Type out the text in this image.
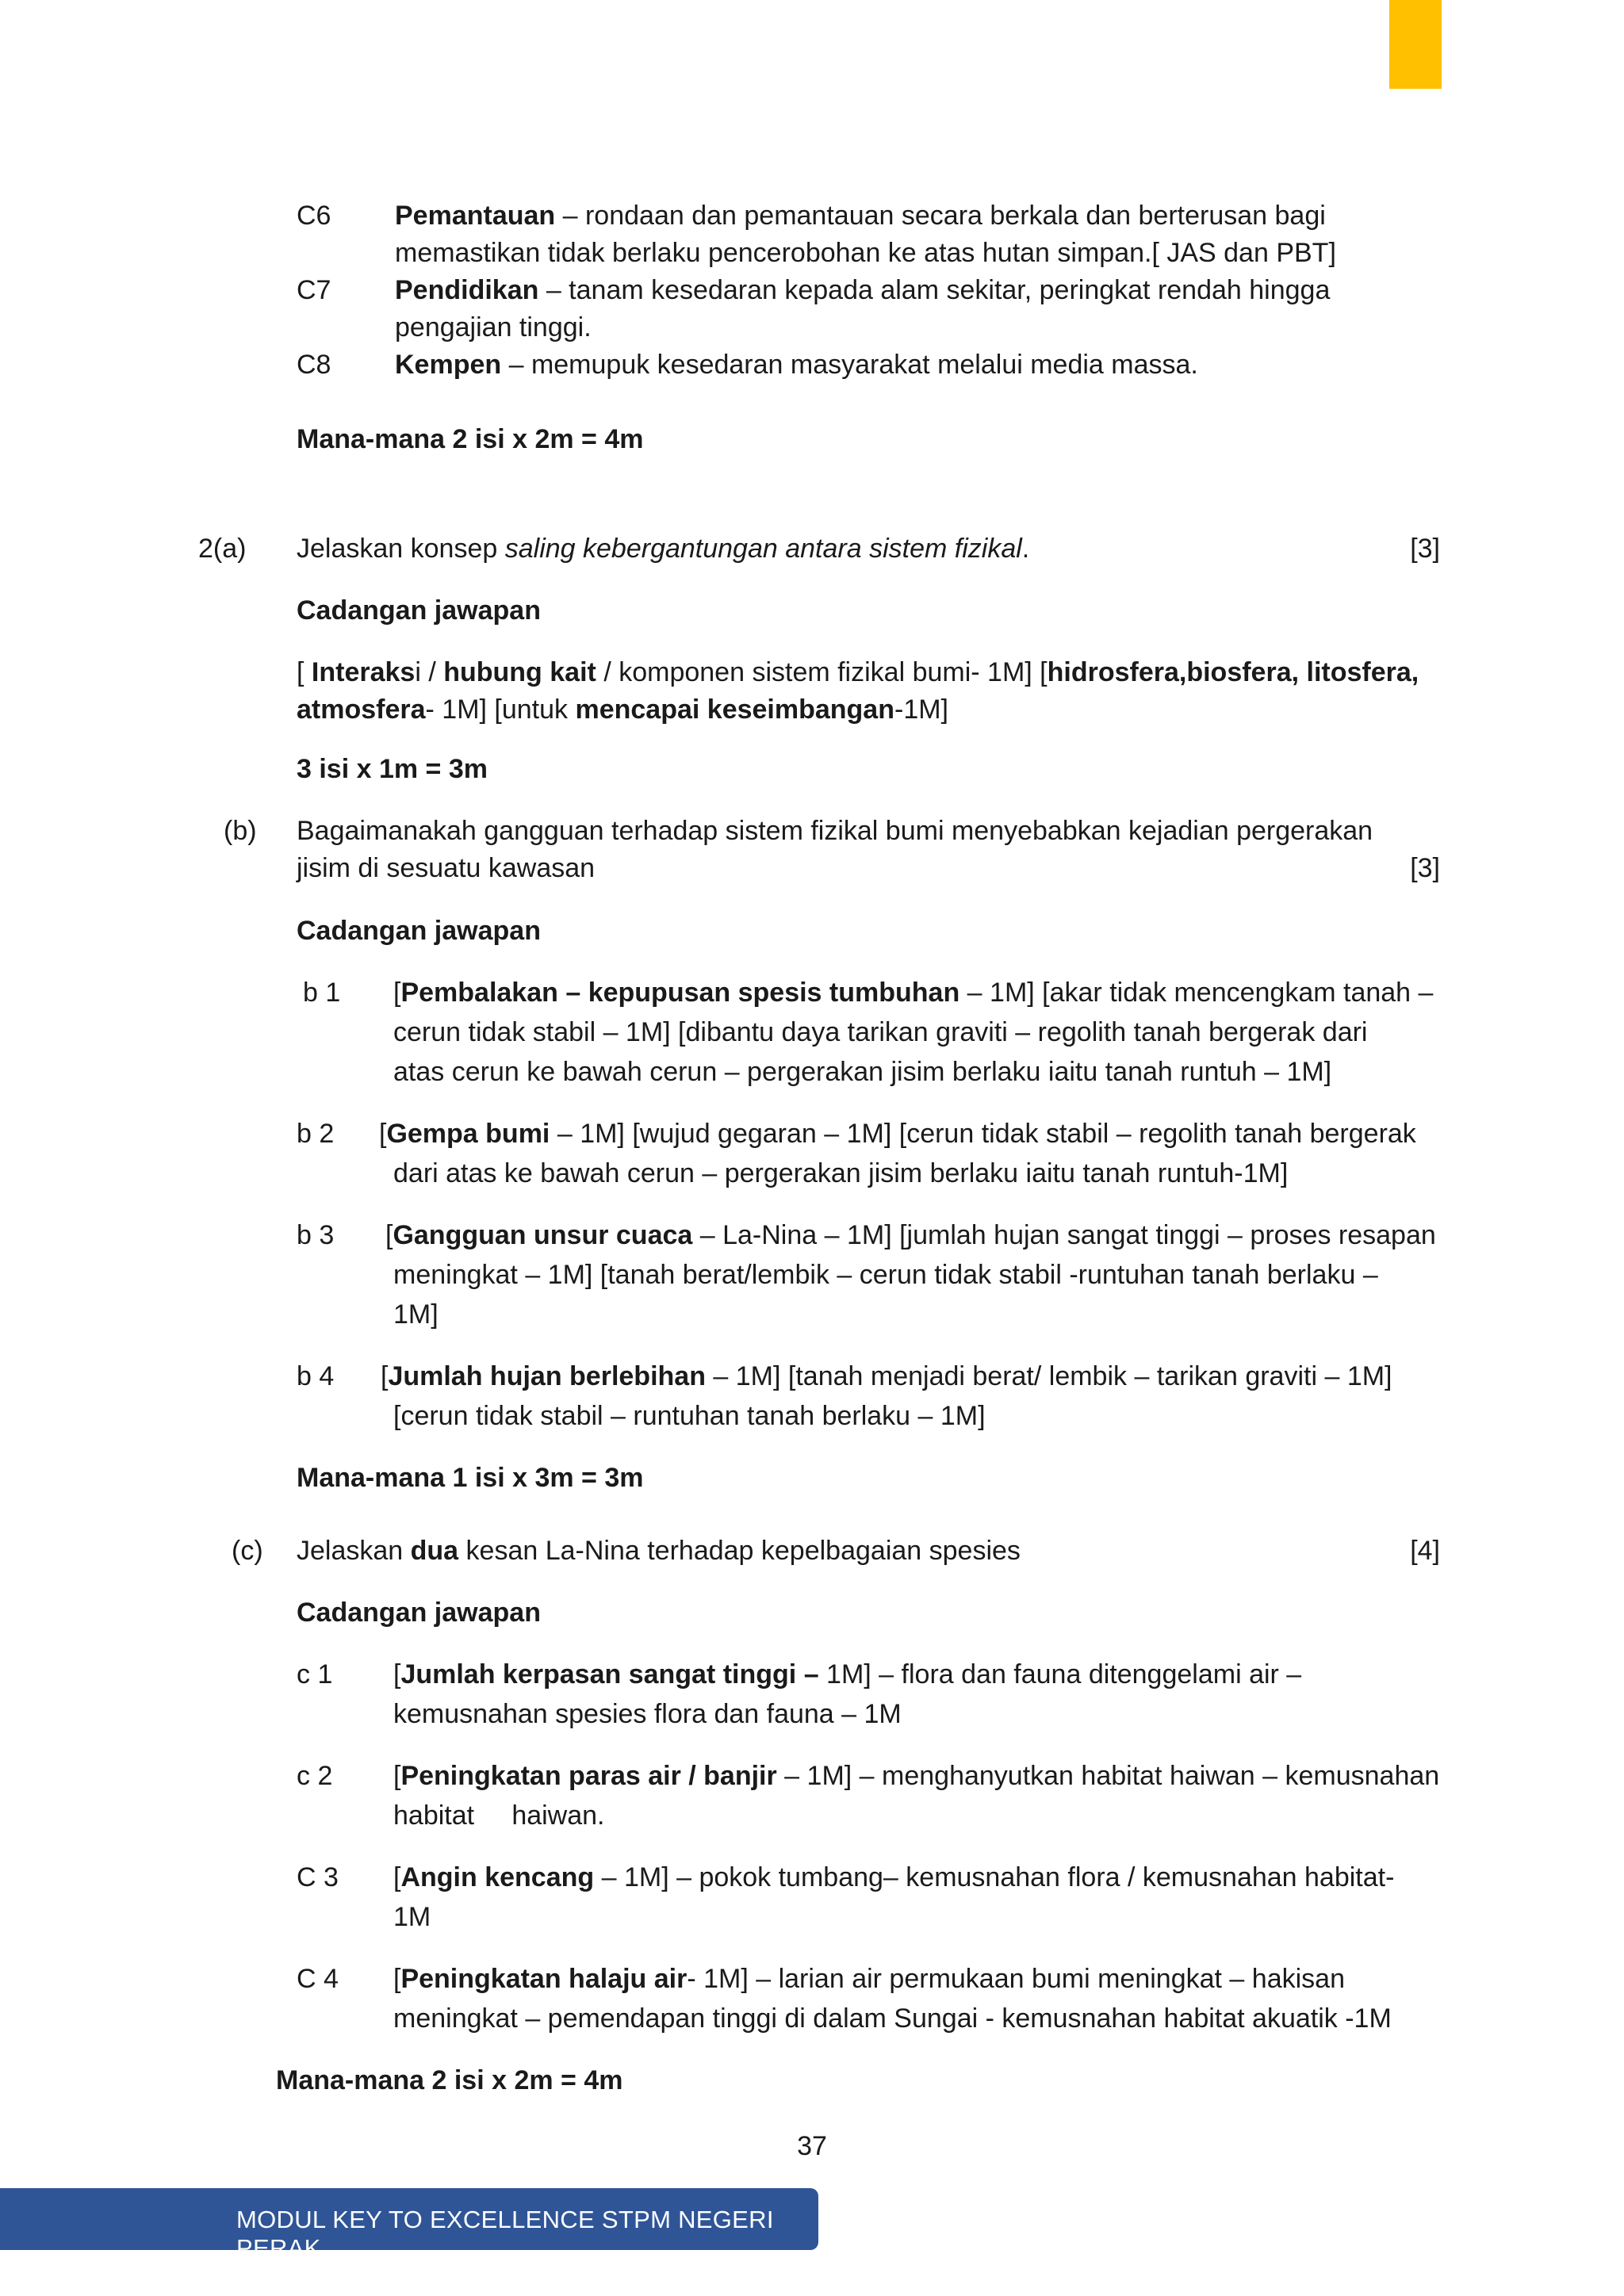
C6 Pemantauan – rondaan dan pemantauan secara berkala dan berterusan bagi
memastikan tidak berlaku pencerobohan ke atas hutan simpan.[ JAS dan PBT]
C7 Pendidikan – tanam kesedaran kepada alam sekitar, peringkat rendah hingga
pengajian tinggi.
C8 Kempen – memupuk kesedaran masyarakat melalui media massa.
Mana-mana 2 isi x 2m = 4m
2(a) Jelaskan konsep saling kebergantungan antara sistem fizikal.	[3]
Cadangan jawapan
[ Interaksi / hubung kait / komponen sistem fizikal bumi- 1M] [hidrosfera,biosfera, litosfera,
atmosfera- 1M] [untuk mencapai keseimbangan-1M]
3 isi x 1m = 3m
(b) Bagaimanakah gangguan terhadap sistem fizikal bumi menyebabkan kejadian pergerakan
jisim di sesuatu kawasan	[3]
Cadangan jawapan
b 1 [Pembalakan – kepupusan spesis tumbuhan – 1M] [akar tidak mencengkam tanah –
cerun tidak stabil – 1M] [dibantu daya tarikan graviti – regolith tanah bergerak dari
atas cerun ke bawah cerun – pergerakan jisim berlaku iaitu tanah runtuh – 1M]
b 2 [Gempa bumi – 1M] [wujud gegaran – 1M] [cerun tidak stabil – regolith tanah bergerak
dari atas ke bawah cerun – pergerakan jisim berlaku iaitu tanah runtuh-1M]
b 3 [Gangguan unsur cuaca – La-Nina – 1M] [jumlah hujan sangat tinggi – proses resapan
meningkat – 1M] [tanah berat/lembik – cerun tidak stabil -runtuhan tanah berlaku –
1M]
b 4 [Jumlah hujan berlebihan – 1M] [tanah menjadi berat/ lembik – tarikan graviti – 1M]
[cerun tidak stabil – runtuhan tanah berlaku – 1M]
Mana-mana 1 isi x 3m = 3m
(c) Jelaskan dua kesan La-Nina terhadap kepelbagaian spesies	[4]
Cadangan jawapan
c 1 [Jumlah kerpasan sangat tinggi – 1M] – flora dan fauna ditenggelami air –
kemusnahan spesies flora dan fauna – 1M
c 2 [Peningkatan paras air / banjir – 1M] – menghanyutkan habitat haiwan – kemusnahan
habitat     haiwan.
C 3 [Angin kencang – 1M] – pokok tumbang– kemusnahan flora / kemusnahan habitat-
1M
C 4 [Peningkatan halaju air- 1M] – larian air permukaan bumi meningkat – hakisan
meningkat – pemendapan tinggi di dalam Sungai - kemusnahan habitat akuatik -1M
Mana-mana 2 isi x 2m = 4m
37
MODUL KEY TO EXCELLENCE STPM NEGERI PERAK
